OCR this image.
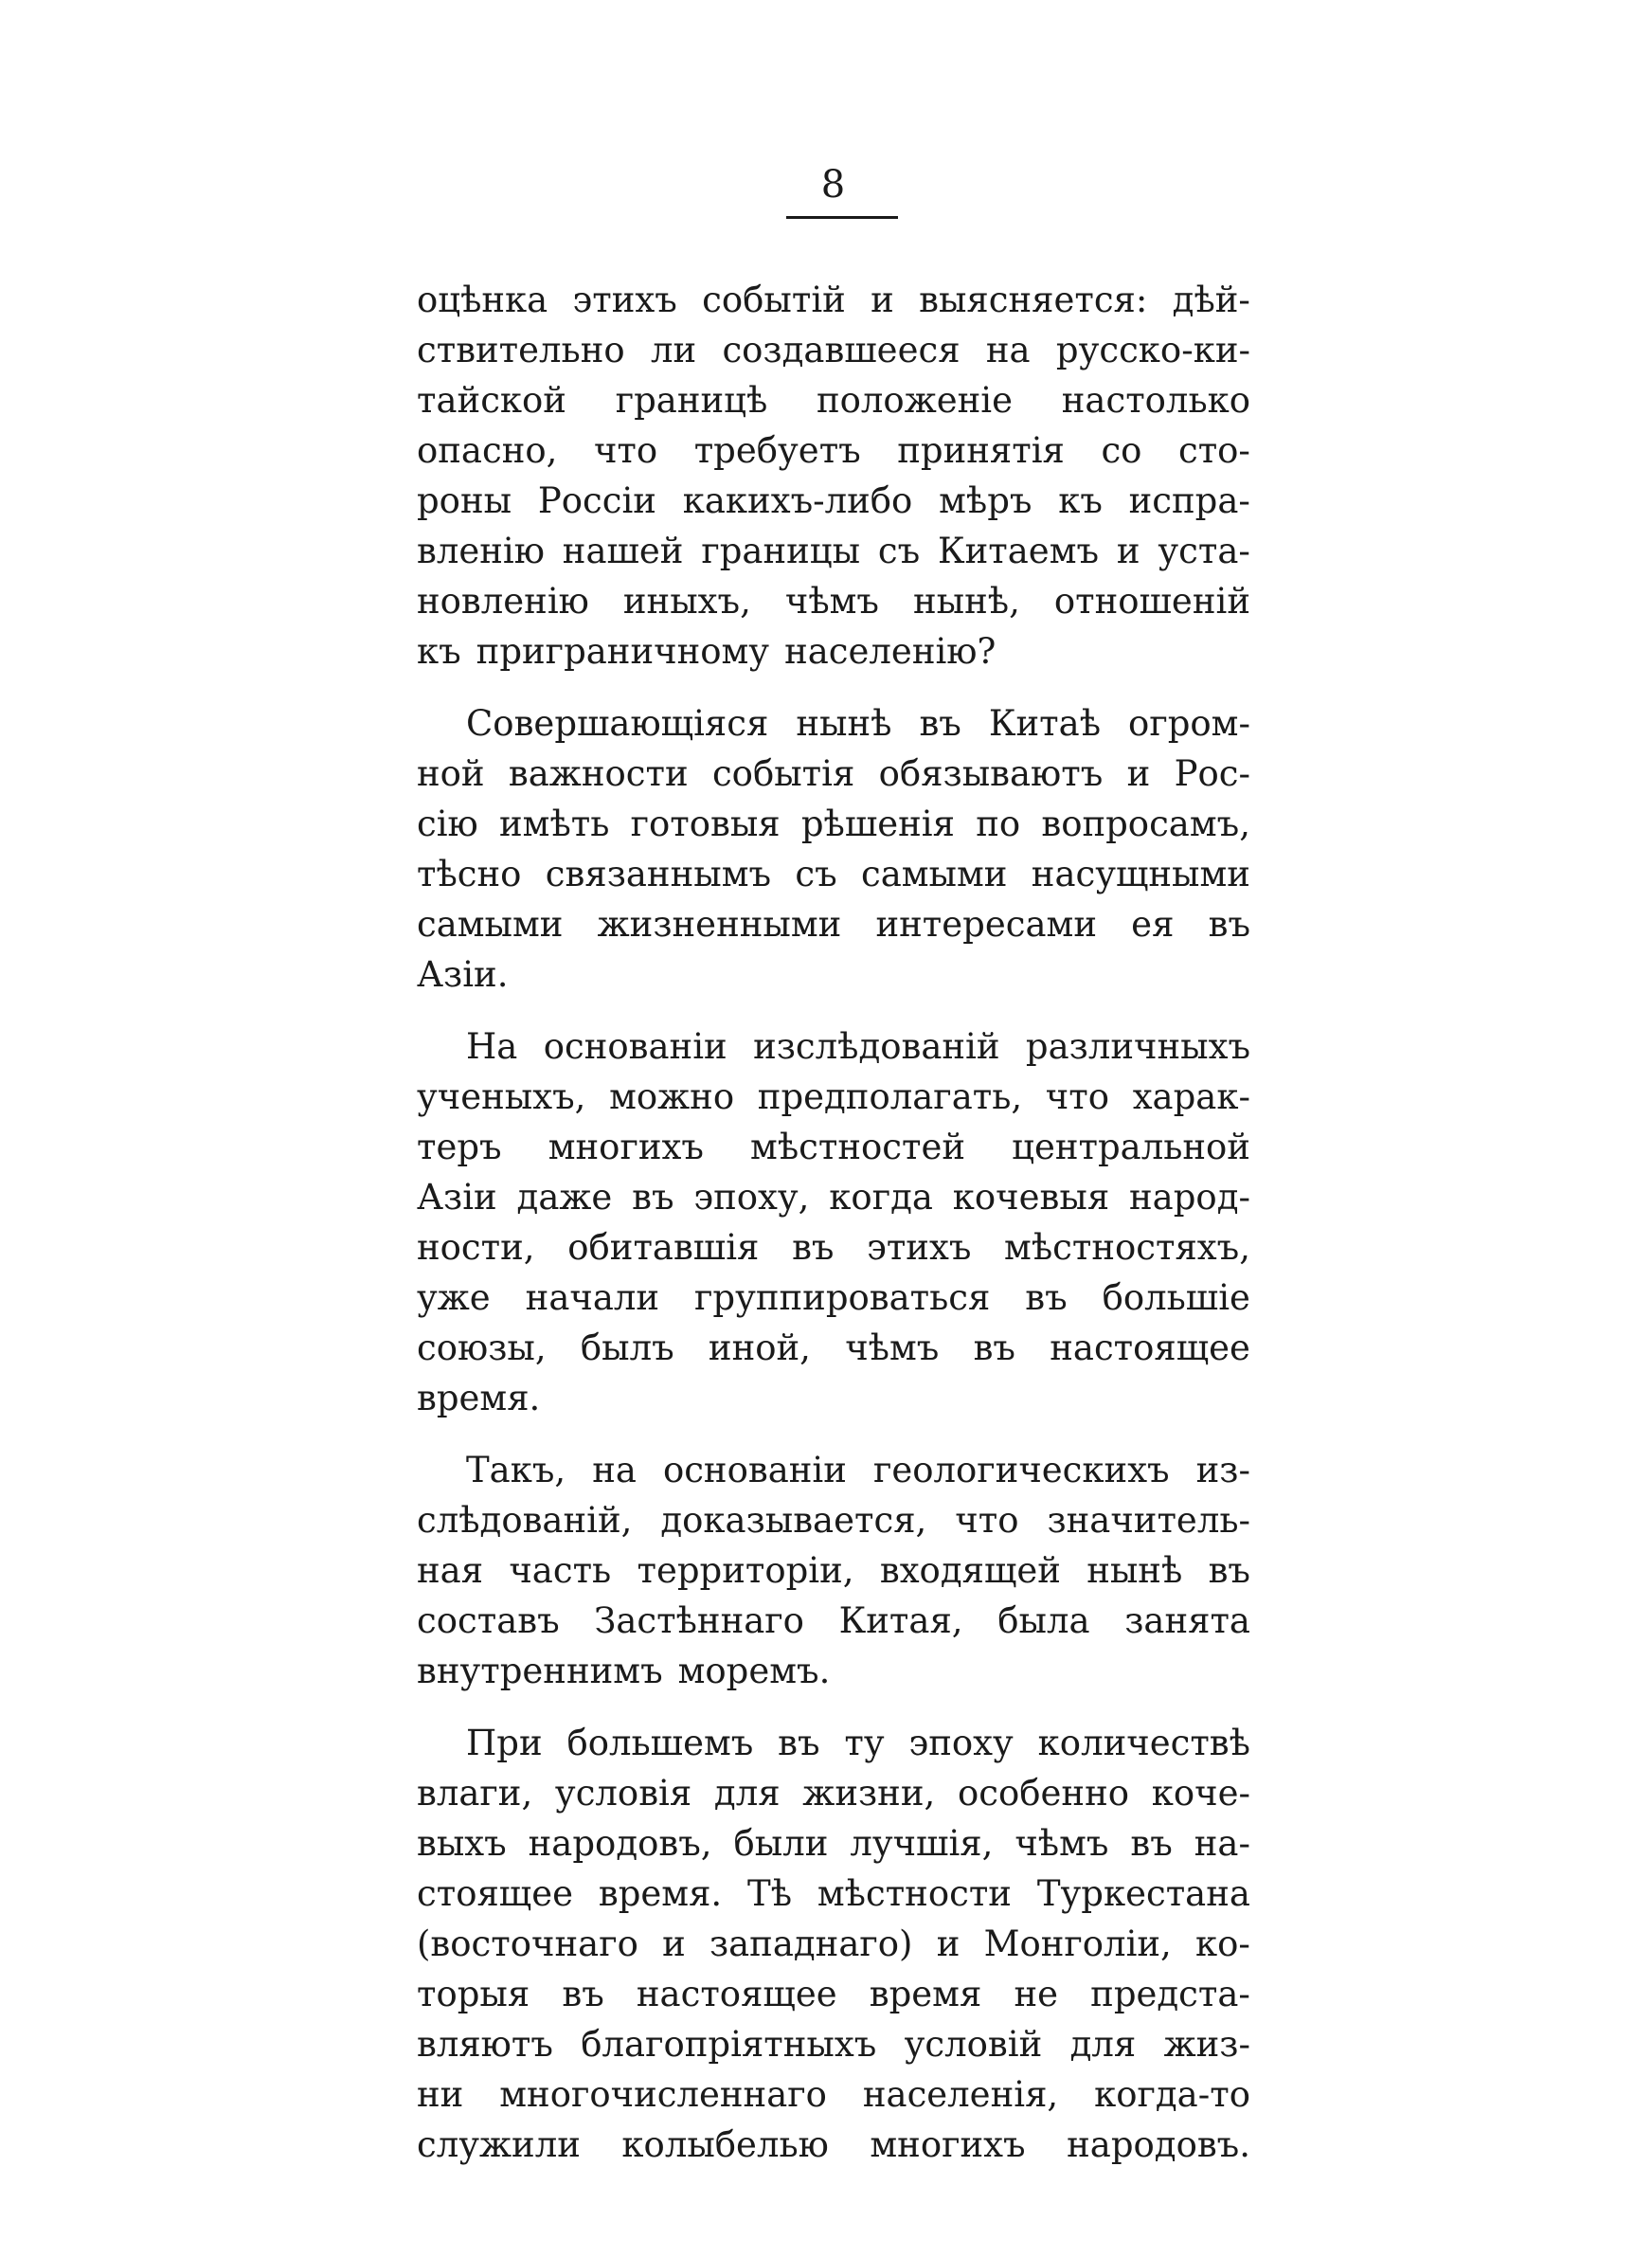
8
оцѣнка этихъ событій и выясняется: дѣй-
ствительно ли создавшееся на русско-ки-
тайской границѣ положеніе настолько
опасно, что требуетъ принятія со сто-
роны Россіи какихъ-либо мѣръ къ испра-
вленію нашей границы съ Китаемъ и уста-
новленію иныхъ, чѣмъ нынѣ, отношеній
къ приграничному населенію?
Совершающіяся нынѣ въ Китаѣ огром-
ной важности событія обязываютъ и Рос-
сію имѣть готовыя рѣшенія по вопросамъ,
тѣсно связаннымъ съ самыми насущными
самыми жизненными интересами ея въ
Азіи.
На основаніи изслѣдованій различныхъ
ученыхъ, можно предполагать, что харак-
теръ многихъ мѣстностей центральной
Азіи даже въ эпоху, когда кочевыя народ-
ности, обитавшія въ этихъ мѣстностяхъ,
уже начали группироваться въ большіе
союзы, былъ иной, чѣмъ въ настоящее
время.
Такъ, на основаніи геологическихъ из-
слѣдованій, доказывается, что значитель-
ная часть территоріи, входящей нынѣ въ
составъ Застѣннаго Китая, была занята
внутреннимъ моремъ.
При большемъ въ ту эпоху количествѣ
влаги, условія для жизни, особенно коче-
выхъ народовъ, были лучшія, чѣмъ въ на-
стоящее время. Тѣ мѣстности Туркестана
(восточнаго и западнаго) и Монголіи, ко-
торыя въ настоящее время не предста-
вляютъ благопріятныхъ условій для жиз-
ни многочисленнаго населенія, когда-то
служили колыбелью многихъ народовъ.
